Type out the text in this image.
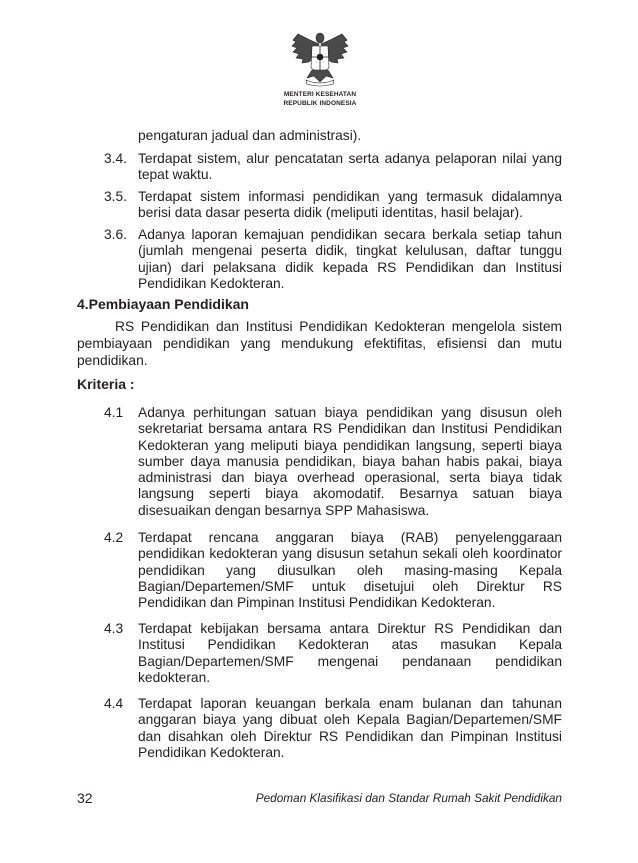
MENTERI KESEHATAN
REPUBLIK INDONESIA
pengaturan jadual dan administrasi).
3.4. Terdapat sistem, alur pencatatan serta adanya pelaporan nilai yang tepat waktu.
3.5. Terdapat sistem informasi pendidikan yang termasuk didalamnya berisi data dasar peserta didik (meliputi identitas, hasil belajar).
3.6. Adanya laporan kemajuan pendidikan secara berkala setiap tahun (jumlah mengenai peserta didik, tingkat kelulusan, daftar tunggu ujian) dari pelaksana didik kepada RS Pendidikan dan Institusi Pendidikan Kedokteran.
4.Pembiayaan Pendidikan
RS Pendidikan dan Institusi Pendidikan Kedokteran mengelola sistem pembiayaan pendidikan yang mendukung efektifitas, efisiensi dan mutu pendidikan.
Kriteria :
4.1 Adanya perhitungan satuan biaya pendidikan yang disusun oleh sekretariat bersama antara RS Pendidikan dan Institusi Pendidikan Kedokteran yang meliputi biaya pendidikan langsung, seperti biaya sumber daya manusia pendidikan, biaya bahan habis pakai, biaya administrasi dan biaya overhead operasional, serta biaya tidak langsung seperti biaya akomodatif. Besarnya satuan biaya disesuaikan dengan besarnya SPP Mahasiswa.
4.2 Terdapat rencana anggaran biaya (RAB) penyelenggaraan pendidikan kedokteran yang disusun setahun sekali oleh koordinator pendidikan yang diusulkan oleh masing-masing Kepala Bagian/Departemen/SMF untuk disetujui oleh Direktur RS Pendidikan dan Pimpinan Institusi Pendidikan Kedokteran.
4.3 Terdapat kebijakan bersama antara Direktur RS Pendidikan dan Institusi Pendidikan Kedokteran atas masukan Kepala Bagian/Departemen/SMF mengenai pendanaan pendidikan kedokteran.
4.4 Terdapat laporan keuangan berkala enam bulanan dan tahunan anggaran biaya yang dibuat oleh Kepala Bagian/Departemen/SMF dan disahkan oleh Direktur RS Pendidikan dan Pimpinan Institusi Pendidikan Kedokteran.
32	Pedoman Klasifikasi dan Standar Rumah Sakit Pendidikan
